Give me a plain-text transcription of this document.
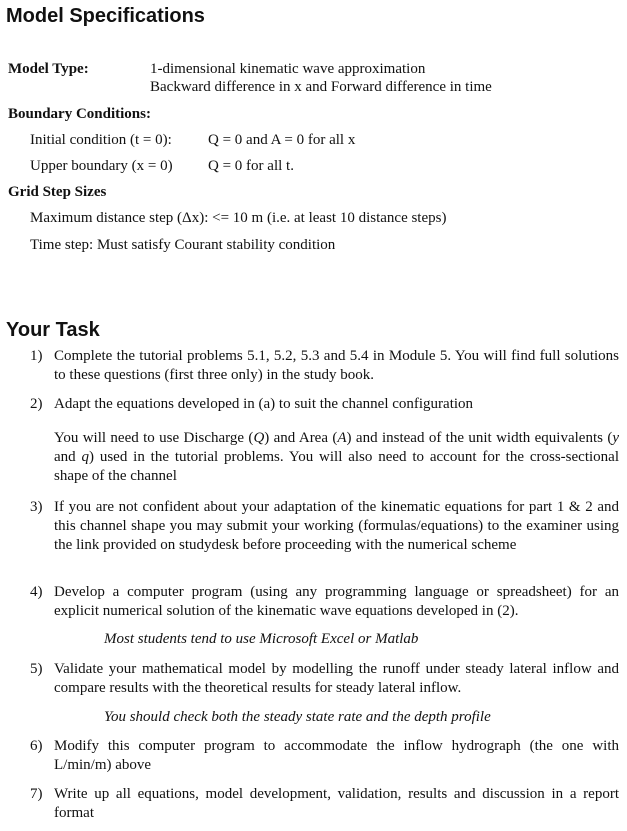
Model Specifications
Model Type:	1-dimensional kinematic wave approximation
Backward difference in x and Forward difference in time
Boundary Conditions:
Initial condition (t = 0): Q = 0 and A = 0 for all x
Upper boundary (x = 0) Q = 0 for all t.
Grid Step Sizes
Maximum distance step (Δx): <= 10 m (i.e. at least 10 distance steps)
Time step: Must satisfy Courant stability condition
Your Task
1) Complete the tutorial problems 5.1, 5.2, 5.3 and 5.4 in Module 5. You will find full solutions to these questions (first three only) in the study book.
2) Adapt the equations developed in (a) to suit the channel configuration
You will need to use Discharge (Q) and Area (A) and instead of the unit width equivalents (y and q) used in the tutorial problems. You will also need to account for the cross-sectional shape of the channel
3) If you are not confident about your adaptation of the kinematic equations for part 1 & 2 and this channel shape you may submit your working (formulas/equations) to the examiner using the link provided on studydesk before proceeding with the numerical scheme
4) Develop a computer program (using any programming language or spreadsheet) for an explicit numerical solution of the kinematic wave equations developed in (2).
Most students tend to use Microsoft Excel or Matlab
5) Validate your mathematical model by modelling the runoff under steady lateral inflow and compare results with the theoretical results for steady lateral inflow.
You should check both the steady state rate and the depth profile
6) Modify this computer program to accommodate the inflow hydrograph (the one with L/min/m) above
7) Write up all equations, model development, validation, results and discussion in a report format
